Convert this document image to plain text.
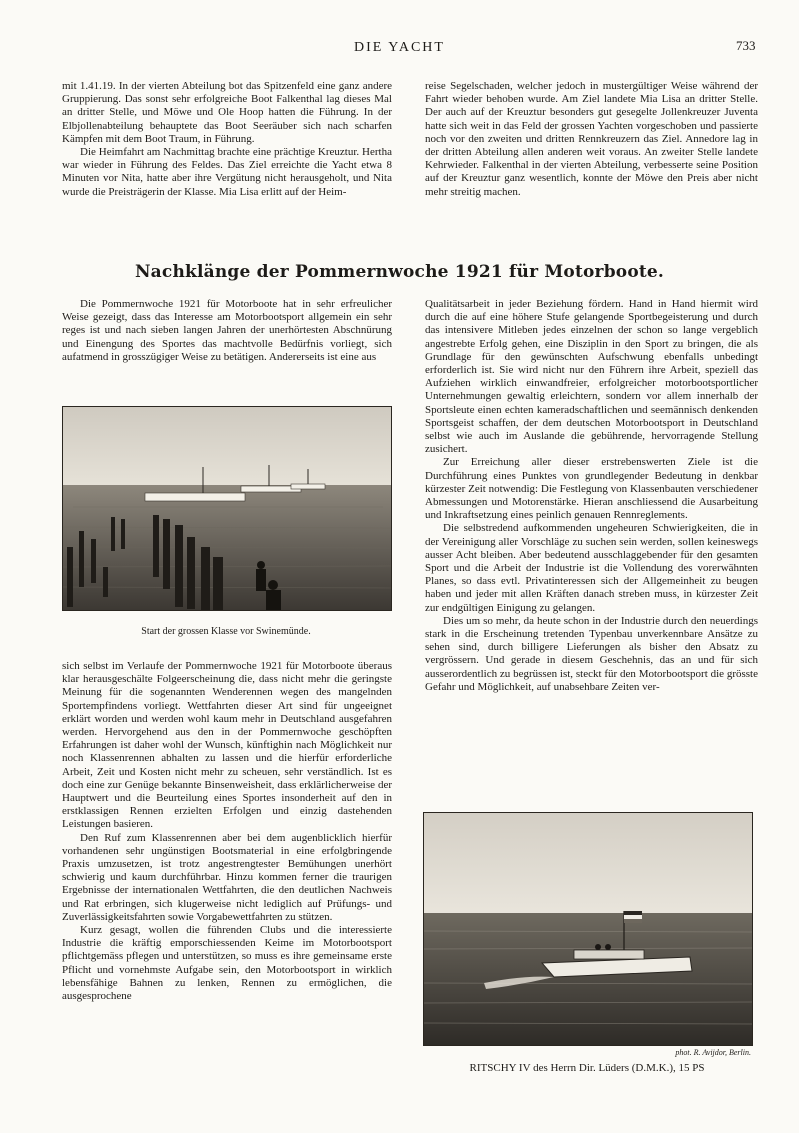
DIE YACHT	733

mit 1.41.19. In der vierten Abteilung bot das Spitzenfeld eine ganz andere Gruppierung. Das sonst sehr erfolgreiche Boot Falkenthal lag dieses Mal an dritter Stelle, und Möwe und Ole Hoop hatten die Führung. In der Elbjollenabteilung behauptete das Boot Seeräuber sich nach scharfen Kämpfen mit dem Boot Traum, in Führung.

Die Heimfahrt am Nachmittag brachte eine prächtige Kreuztur. Hertha war wieder in Führung des Feldes. Das Ziel erreichte die Yacht etwa 8 Minuten vor Nita, hatte aber ihre Vergütung nicht herausgeholt, und Nita wurde die Preisträgerin der Klasse. Mia Lisa erlitt auf der Heim-

reise Segelschaden, welcher jedoch in mustergültiger Weise während der Fahrt wieder behoben wurde. Am Ziel landete Mia Lisa an dritter Stelle. Der auch auf der Kreuztur besonders gut gesegelte Jollenkreuzer Juventa hatte sich weit in das Feld der grossen Yachten vorgeschoben und passierte noch vor den zweiten und dritten Rennkreuzern das Ziel. Annedore lag in der dritten Abteilung allen anderen weit voraus. An zweiter Stelle landete Kehrwieder. Falkenthal in der vierten Abteilung, verbesserte seine Position auf der Kreuztur ganz wesentlich, konnte der Möwe den Preis aber nicht mehr streitig machen.

Nachklänge der Pommernwoche 1921 für Motorboote.

Die Pommernwoche 1921 für Motorboote hat in sehr erfreulicher Weise gezeigt, dass das Interesse am Motorbootsport allgemein ein sehr reges ist und nach sieben langen Jahren der unerhörtesten Abschnürung und Einengung des Sportes das machtvolle Bedürfnis vorliegt, sich aufatmend in grosszügiger Weise zu betätigen. Andererseits ist eine aus

Start der grossen Klasse vor Swinemünde.

sich selbst im Verlaufe der Pommernwoche 1921 für Motorboote überaus klar herausgeschälte Folgeerscheinung die, dass nicht mehr die geringste Meinung für die sogenannten Wenderennen wegen des mangelnden Sportempfindens vorliegt. Wettfahrten dieser Art sind für ungeeignet erklärt worden und werden wohl kaum mehr in Deutschland ausgefahren werden. Hervorgehend aus den in der Pommernwoche geschöpften Erfahrungen ist daher wohl der Wunsch, künftighin nach Möglichkeit nur noch Klassenrennen abhalten zu lassen und die hierfür erforderliche Arbeit, Zeit und Kosten nicht mehr zu scheuen, sehr verständlich. Ist es doch eine zur Genüge bekannte Binsenweisheit, dass erklärlicherweise der Hauptwert und die Beurteilung eines Sportes insonderheit auf den in erstklassigen Rennen erzielten Erfolgen und einzig dastehenden Leistungen basieren.

Den Ruf zum Klassenrennen aber bei dem augenblicklich hierfür vorhandenen sehr ungünstigen Bootsmaterial in eine erfolgbringende Praxis umzusetzen, ist trotz angestrengtester Bemühungen unerhört schwierig und kaum durchführbar. Hinzu kommen ferner die traurigen Ergebnisse der internationalen Wettfahrten, die den deutlichen Nachweis und Rat erbringen, sich klugerweise nicht lediglich auf Prüfungs- und Zuverlässigkeitsfahrten sowie Vorgabewettfahrten zu stützen.

Kurz gesagt, wollen die führenden Clubs und die interessierte Industrie die kräftig emporschiessenden Keime im Motorbootsport pflichtgemäss pflegen und unterstützen, so muss es ihre gemeinsame erste Pflicht und vornehmste Aufgabe sein, den Motorbootsport in wirklich lebensfähige Bahnen zu lenken, Rennen zu ermöglichen, die ausgesprochene

Qualitätsarbeit in jeder Beziehung fördern. Hand in Hand hiermit wird durch die auf eine höhere Stufe gelangende Sportbegeisterung und durch das intensivere Mitleben jedes einzelnen der schon so lange vergeblich angestrebte Erfolg gehen, eine Disziplin in den Sport zu bringen, die als Grundlage für den gewünschten Aufschwung ebenfalls unbedingt erforderlich ist. Sie wird nicht nur den Führern ihre Arbeit, speziell das Aufziehen wirklich einwandfreier, erfolgreicher motorbootsportlicher Unternehmungen gewaltig erleichtern, sondern vor allem innerhalb der Sportsleute einen echten kameradschaftlichen und seemännisch denkenden Sportsgeist schaffen, der dem deutschen Motorbootsport in Deutschland selbst wie auch im Auslande die gebührende, hervorragende Stellung zusichert.

Zur Erreichung aller dieser erstrebenswerten Ziele ist die Durchführung eines Punktes von grundlegender Bedeutung in denkbar kürzester Zeit notwendig: Die Festlegung von Klassenbauten verschiedener Abmessungen und Motorenstärke. Hieran anschliessend die Ausarbeitung und Inkraftsetzung eines peinlich genauen Rennreglements.

Die selbstredend aufkommenden ungeheuren Schwierigkeiten, die in der Vereinigung aller Vorschläge zu suchen sein werden, sollen keineswegs ausser Acht bleiben. Aber bedeutend ausschlaggebender für den gesamten Sport und die Arbeit der Industrie ist die Vollendung des vorerwähnten Planes, so dass evtl. Privatinteressen sich der Allgemeinheit zu beugen haben und jeder mit allen Kräften danach streben muss, in kürzester Zeit zur endgültigen Einigung zu gelangen.

Dies um so mehr, da heute schon in der Industrie durch den neuerdings stark in die Erscheinung tretenden Typenbau unverkennbare Ansätze zu sehen sind, durch billigere Lieferungen als bisher den Absatz zu vergrössern. Und gerade in diesem Geschehnis, das an und für sich ausserordentlich zu begrüssen ist, steckt für den Motorbootsport die grösste Gefahr und Möglichkeit, auf unabsehbare Zeiten ver-

phot. R. Avijdor, Berlin.
RITSCHY IV des Herrn Dir. Lüders (D.M.K.), 15 PS
